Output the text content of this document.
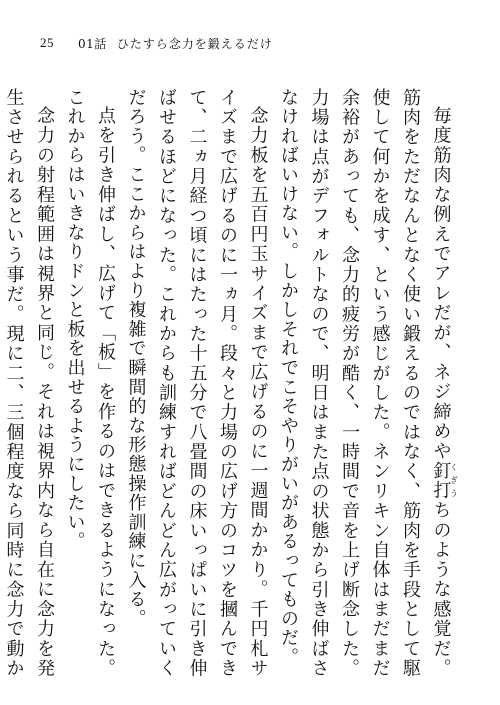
25 01話 ひたすら念力を鍛えるだけ

毎度筋肉な例えでアレだが、ネジ締めや釘打くぎうちのような感覚だ。筋肉をただなんとなく使い鍛えるのではなく、筋肉を手段として駆使して何かを成す、という感じがした。ネンリキン自体はまだまだ余裕があっても、念力的疲労が酷く、一時間で音を上げ断念した。力場は点がデフォルトなので、明日はまた点の状態から引き伸ばさなければいけない。しかしそれでこそやりがいがあるってものだ。

念力板を五百円玉サイズまで広げるのに一週間かかり。千円札サイズまで広げるのに一ヵ月。段々と力場の広げ方のコツを摑んできて、二ヵ月経つ頃にはたった十五分で八畳間の床いっぱいに引き伸ばせるほどになった。これからも訓練すればどんどん広がっていくだろう。ここからはより複雑で瞬間的な形態操作訓練に入る。

点を引き伸ばし、広げて「板」を作るのはできるようになった。これからはいきなりドンと板を出せるようにしたい。

念力の射程範囲は視界と同じ。それは視界内なら自在に念力を発生させられるという事だ。現に二、三個程度なら同時に念力で動か
